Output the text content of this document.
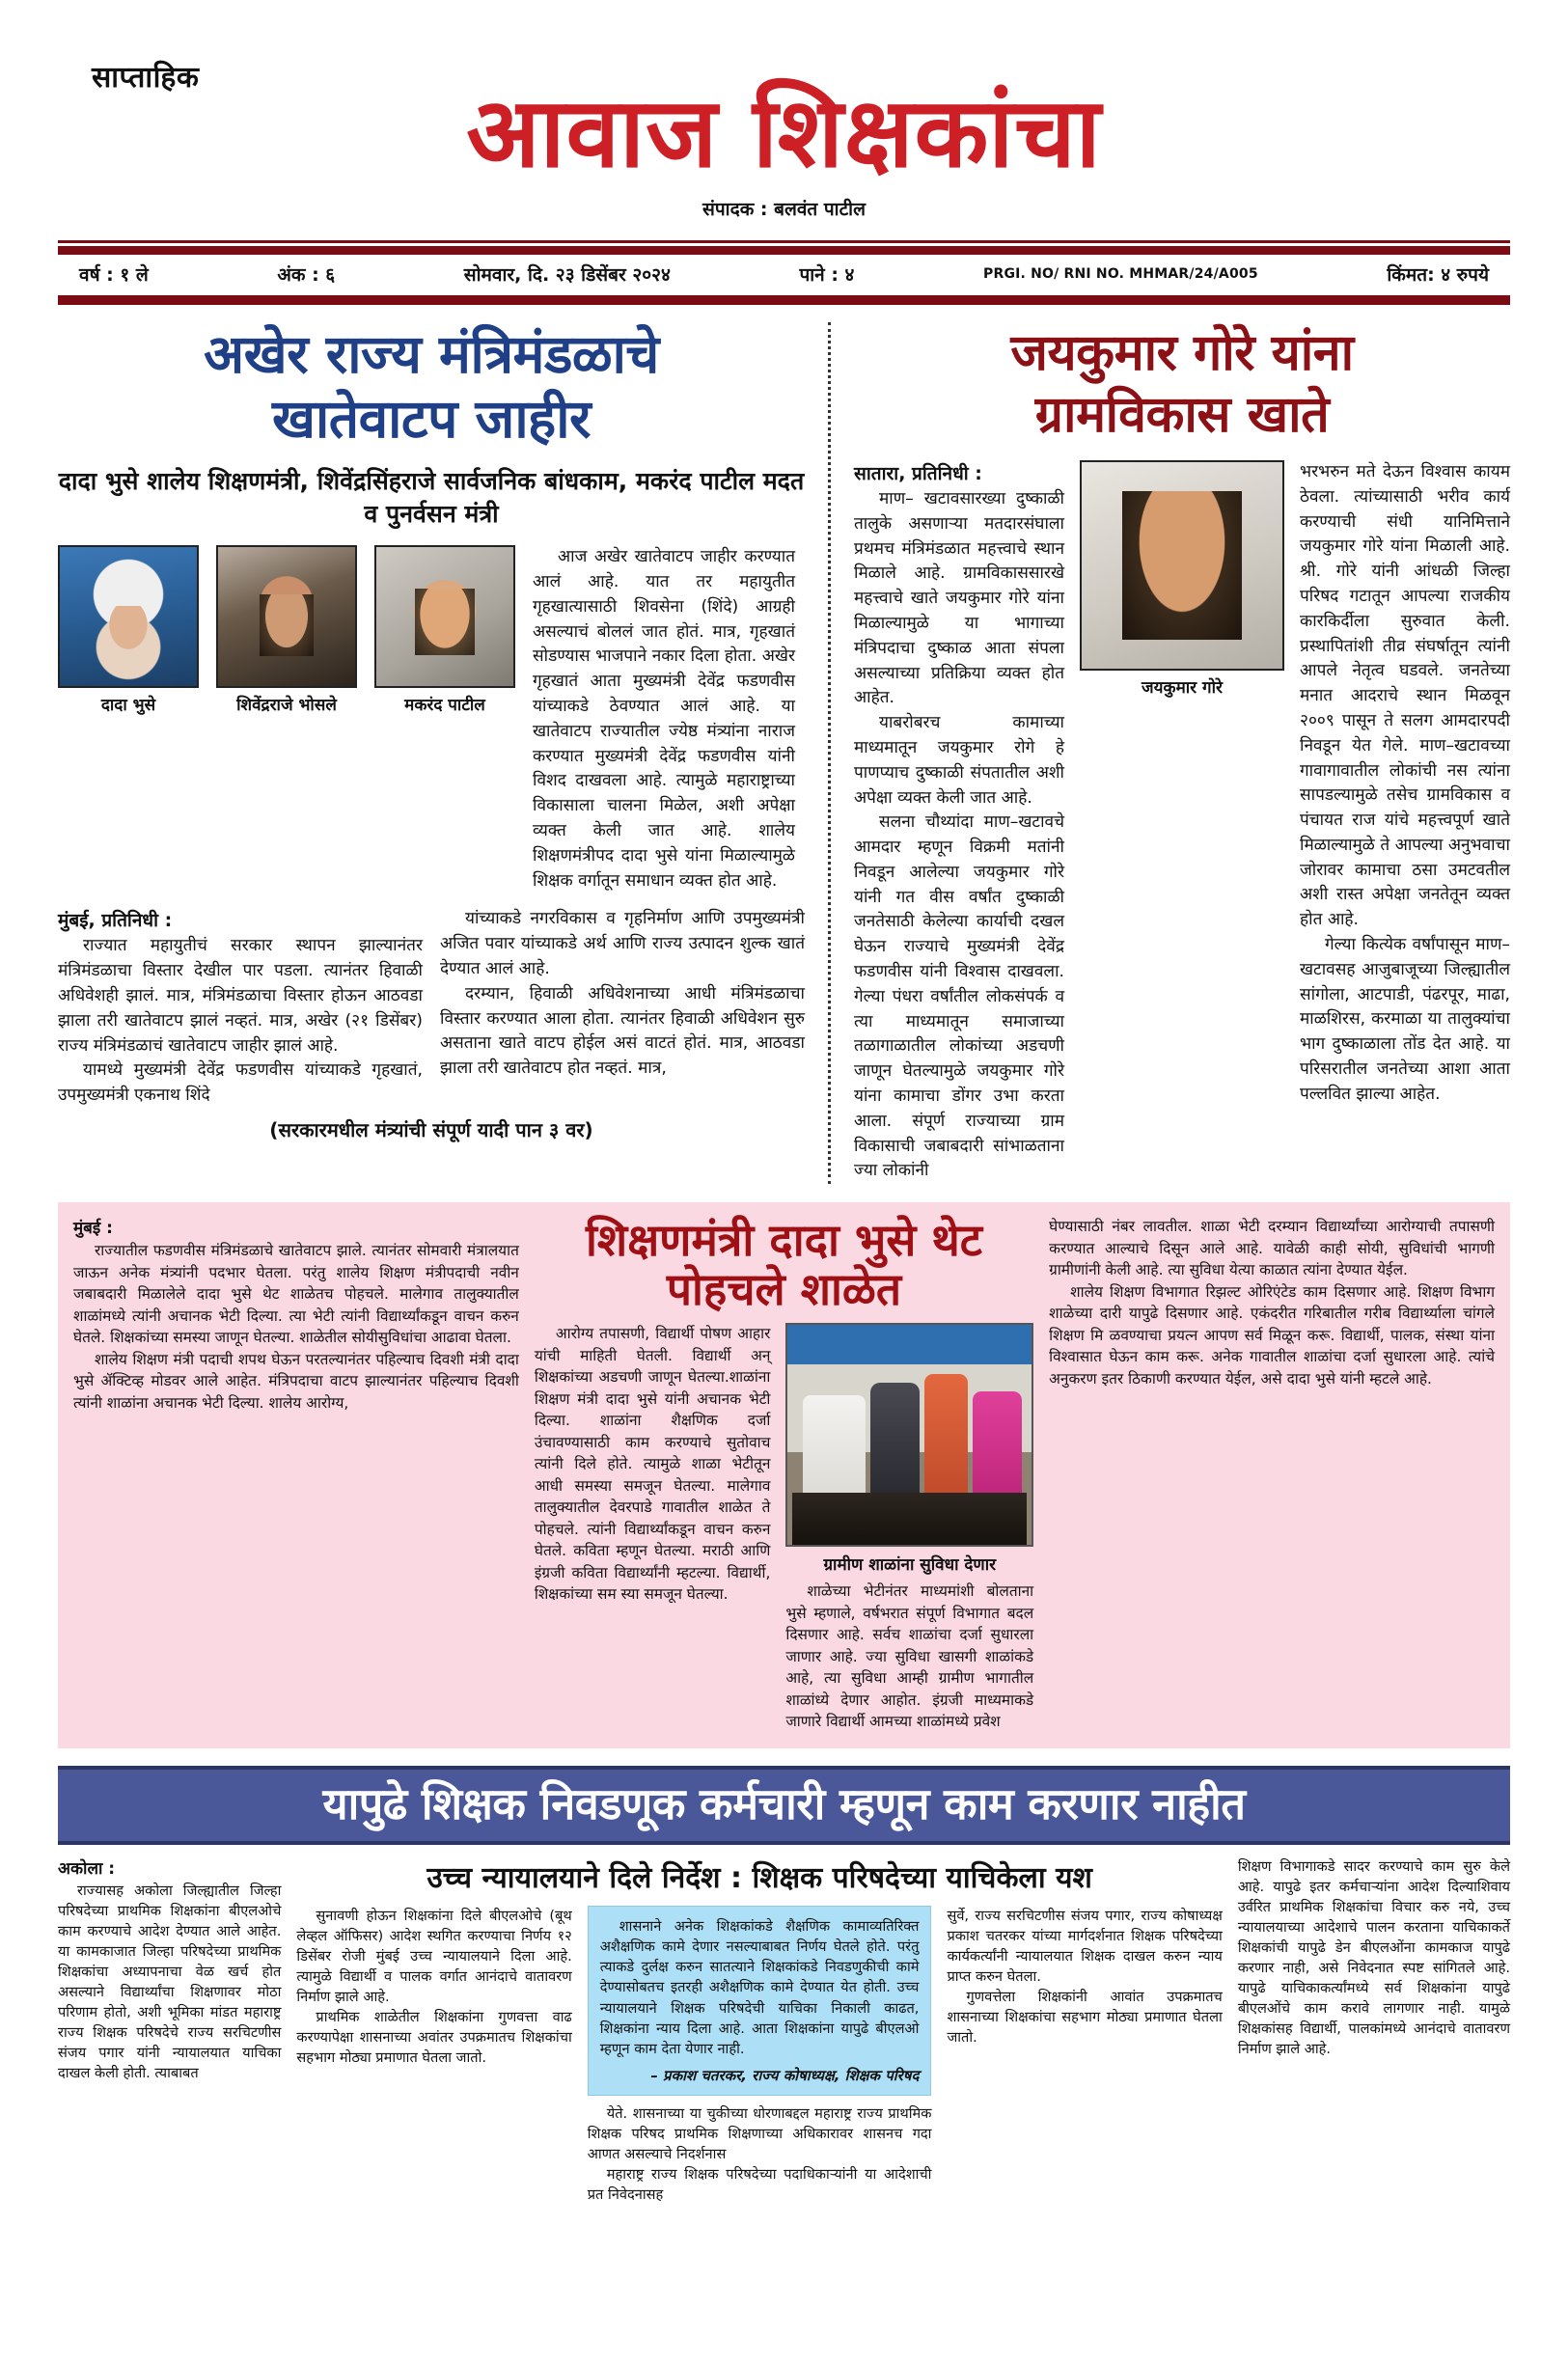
साप्ताहिक	आवाज शिक्षकांचा
संपादक : बलवंत पाटील
वर्ष : १ ले	अंक : ६	सोमवार, दि. २३ डिसेंबर २०२४	पाने : ४	PRGI. NO/ RNI NO. MHMAR/24/A005	किंमत: ४ रुपये
अखेर राज्य मंत्रिमंडळाचे
खातेवाटप जाहीर
दादा भुसे शालेय शिक्षणमंत्री, शिवेंद्रसिंहराजे सार्वजनिक बांधकाम, मकरंद पाटील मदत व पुनर्वसन मंत्री
दादा भुसे	शिवेंद्रराजे भोसले	मकरंद पाटील
आज अखेर खातेवाटप जाहीर करण्यात आलं आहे. यात तर महायुतीत गृहखात्यासाठी शिवसेना (शिंदे) आग्रही असल्याचं बोललं जात होतं. मात्र, गृहखातं सोडण्यास भाजपाने नकार दिला होता. अखेर गृहखातं आता मुख्यमंत्री देवेंद्र फडणवीस यांच्याकडे ठेवण्यात आलं आहे. या खातेवाटप राज्यातील ज्येष्ठ मंत्र्यांना नाराज करण्यात मुख्यमंत्री देवेंद्र फडणवीस यांनी विशद दाखवला आहे. त्यामुळे महाराष्ट्राच्या विकासाला चालना मिळेल, अशी अपेक्षा व्यक्त केली जात आहे. शालेय शिक्षणमंत्रीपद दादा भुसे यांना मिळाल्यामुळे शिक्षक वर्गातून समाधान व्यक्त होत आहे.
मुंबई, प्रतिनिधी :
राज्यात महायुतीचं सरकार स्थापन झाल्यानंतर मंत्रिमंडळाचा विस्तार देखील पार पडला. त्यानंतर हिवाळी अधिवेशही झालं. मात्र, मंत्रिमंडळाचा विस्तार होऊन आठवडा झाला तरी खातेवाटप झालं नव्हतं. मात्र, अखेर (२१ डिसेंबर) राज्य मंत्रिमंडळाचं खातेवाटप जाहीर झालं आहे.
यामध्ये मुख्यमंत्री देवेंद्र फडणवीस यांच्याकडे गृहखातं, उपमुख्यमंत्री एकनाथ शिंदे
यांच्याकडे नगरविकास व गृहनिर्माण आणि उपमुख्यमंत्री अजित पवार यांच्याकडे अर्थ आणि राज्य उत्पादन शुल्क खातं देण्यात आलं आहे.
दरम्यान, हिवाळी अधिवेशनाच्या आधी मंत्रिमंडळाचा विस्तार करण्यात आला होता. त्यानंतर हिवाळी अधिवेशन सुरु असताना खाते वाटप होईल असं वाटतं होतं. मात्र, आठवडा झाला तरी खातेवाटप होत नव्हतं. मात्र,
(सरकारमधील मंत्र्यांची संपूर्ण यादी पान ३ वर)
जयकुमार गोरे यांना
ग्रामविकास खाते
सातारा, प्रतिनिधी :
माण– खटावसारख्या दुष्काळी तालुके असणाऱ्या मतदारसंघाला प्रथमच मंत्रिमंडळात महत्त्वाचे स्थान मिळाले आहे. ग्रामविकाससारखे महत्त्वाचे खाते जयकुमार गोरे यांना मिळाल्यामुळे या भागाच्या मंत्रिपदाचा दुष्काळ आता संपला असल्याच्या प्रतिक्रिया व्यक्त होत आहेत.
याबरोबरच कामाच्या माध्यमातून जयकुमार रोगे हे पाणप्याच दुष्काळी संपतातील अशी अपेक्षा व्यक्त केली जात आहे.
सलना चौथ्यांदा माण–खटावचे आमदार म्हणून विक्रमी मतांनी निवडून आलेल्या जयकुमार गोरे यांनी गत वीस वर्षांत दुष्काळी जनतेसाठी केलेल्या कार्याची दखल घेऊन राज्याचे मुख्यमंत्री देवेंद्र फडणवीस यांनी विश्वास दाखवला. गेल्या पंधरा वर्षांतील लोकसंपर्क व त्या माध्यमातून समाजाच्या तळागाळातील लोकांच्या अडचणी जाणून घेतल्यामुळे जयकुमार गोरे यांना कामाचा डोंगर उभा करता आला. संपूर्ण राज्याच्या ग्राम विकासाची जबाबदारी सांभाळताना ज्या लोकांनी
जयकुमार गोरे
भरभरुन मते देऊन विश्वास कायम ठेवला. त्यांच्यासाठी भरीव कार्य करण्याची संधी यानिमित्ताने जयकुमार गोरे यांना मिळाली आहे. श्री. गोरे यांनी आंधळी जिल्हा परिषद गटातून आपल्या राजकीय कारकिर्दीला सुरुवात केली. प्रस्थापितांशी तीव्र संघर्षातून त्यांनी आपले नेतृत्व घडवले. जनतेच्या मनात आदराचे स्थान मिळवून २००९ पासून ते सलग आमदारपदी निवडून येत गेले. माण–खटावच्या गावागावातील लोकांची नस त्यांना सापडल्यामुळे तसेच ग्रामविकास व पंचायत राज यांचे महत्त्वपूर्ण खाते मिळाल्यामुळे ते आपल्या अनुभवाचा जोरावर कामाचा ठसा उमटवतील अशी रास्त अपेक्षा जनतेतून व्यक्त होत आहे.
गेल्या कित्येक वर्षांपासून माण–खटावसह आजुबाजूच्या जिल्ह्यातील सांगोला, आटपाडी, पंढरपूर, माढा, माळशिरस, करमाळा या तालुक्यांचा भाग दुष्काळाला तोंड देत आहे. या परिसरातील जनतेच्या आशा आता पल्लवित झाल्या आहेत.
मुंबई :
राज्यातील फडणवीस मंत्रिमंडळाचे खातेवाटप झाले. त्यानंतर सोमवारी मंत्रालयात जाऊन अनेक मंत्र्यांनी पदभार घेतला. परंतु शालेय शिक्षण मंत्रीपदाची नवीन जबाबदारी मिळालेले दादा भुसे थेट शाळेतच पोहचले. मालेगाव तालुक्यातील शाळांमध्ये त्यांनी अचानक भेटी दिल्या. त्या भेटी त्यांनी विद्यार्थ्यांकडून वाचन करुन घेतले. शिक्षकांच्या समस्या जाणून घेतल्या. शाळेतील सोयीसुविधांचा आढावा घेतला.
शालेय शिक्षण मंत्री पदाची शपथ घेऊन परतल्यानंतर पहिल्याच दिवशी मंत्री दादा भुसे ॲक्टिव्ह मोडवर आले आहेत. मंत्रिपदाचा वाटप झाल्यानंतर पहिल्याच दिवशी त्यांनी शाळांना अचानक भेटी दिल्या. शालेय आरोग्य,
शिक्षणमंत्री दादा भुसे थेट पोहचले शाळेत
आरोग्य तपासणी, विद्यार्थी पोषण आहार यांची माहिती घेतली. विद्यार्थी अन् शिक्षकांच्या अडचणी जाणून घेतल्या.शाळांना शिक्षण मंत्री दादा भुसे यांनी अचानक भेटी दिल्या. शाळांना शैक्षणिक दर्जा उंचावण्यासाठी काम करण्याचे सुतोवाच त्यांनी दिले होते. त्यामुळे शाळा भेटीतून आधी समस्या समजून घेतल्या. मालेगाव तालुक्यातील देवरपाडे गावातील शाळेत ते पोहचले. त्यांनी विद्यार्थ्यांकडून वाचन करुन घेतले. कविता म्हणून घेतल्या. मराठी आणि इंग्रजी कविता विद्यार्थ्यांनी म्हटल्या. विद्यार्थी, शिक्षकांच्या सम स्या समजून घेतल्या.
ग्रामीण शाळांना सुविधा देणार
शाळेच्या भेटीनंतर माध्यमांशी बोलताना भुसे म्हणाले, वर्षभरात संपूर्ण विभागात बदल दिसणार आहे. सर्वच शाळांचा दर्जा सुधारला जाणार आहे. ज्या सुविधा खासगी शाळांकडे आहे, त्या सुविधा आम्ही ग्रामीण भागातील शाळांध्ये देणार आहोत. इंग्रजी माध्यमाकडे जाणारे विद्यार्थी आमच्या शाळांमध्ये प्रवेश
घेण्यासाठी नंबर लावतील. शाळा भेटी दरम्यान विद्यार्थ्यांच्या आरोग्याची तपासणी करण्यात आल्याचे दिसून आले आहे. यावेळी काही सोयी, सुविधांची भागणी ग्रामीणांनी केली आहे. त्या सुविधा येत्या काळात त्यांना देण्यात येईल.
शालेय शिक्षण विभागात रिझल्ट ओरिएंटेड काम दिसणार आहे. शिक्षण विभाग शाळेच्या दारी यापुढे दिसणार आहे. एकंदरीत गरिबातील गरीब विद्यार्थ्याला चांगले शिक्षण मि ळवण्याचा प्रयत्न आपण सर्व मिळून करू. विद्यार्थी, पालक, संस्था यांना विश्वासात घेऊन काम करू. अनेक गावातील शाळांचा दर्जा सुधारला आहे. त्यांचे अनुकरण इतर ठिकाणी करण्यात येईल, असे दादा भुसे यांनी म्हटले आहे.
यापुढे शिक्षक निवडणूक कर्मचारी म्हणून काम करणार नाहीत
अकोला :
राज्यासह अकोला जिल्ह्यातील जिल्हा परिषदेच्या प्राथमिक शिक्षकांना बीएलओचे काम करण्याचे आदेश देण्यात आले आहेत. या कामकाजात जिल्हा परिषदेच्या प्राथमिक शिक्षकांचा अध्यापनाचा वेळ खर्च होत असल्याने विद्यार्थ्यांचा शिक्षणावर मोठा परिणाम होतो, अशी भूमिका मांडत महाराष्ट्र राज्य शिक्षक परिषदेचे राज्य सरचिटणीस संजय पगार यांनी न्यायालयात याचिका दाखल केली होती. त्याबाबत
उच्च न्यायालयाने दिले निर्देश : शिक्षक परिषदेच्या याचिकेला यश
सुनावणी होऊन शिक्षकांना दिले बीएलओचे (बूथ लेव्हल ऑफिसर) आदेश स्थगित करण्याचा निर्णय १२ डिसेंबर रोजी मुंबई उच्च न्यायालयाने दिला आहे. त्यामुळे विद्यार्थी व पालक वर्गात आनंदाचे वातावरण निर्माण झाले आहे.
प्राथमिक शाळेतील शिक्षकांना गुणवत्ता वाढ करण्यापेक्षा शासनाच्या अवांतर उपक्रमातच शिक्षकांचा सहभाग मोठ्या प्रमाणात घेतला जातो.
शासनाने अनेक शिक्षकांकडे शैक्षणिक कामाव्यतिरिक्त अशैक्षणिक कामे देणार नसल्याबाबत निर्णय घेतले होते. परंतु त्याकडे दुर्लक्ष करुन सातत्याने शिक्षकांकडे निवडणुकीची कामे देण्यासोबतच इतरही अशैक्षणिक कामे देण्यात येत होती. उच्च न्यायालयाने शिक्षक परिषदेची याचिका निकाली काढत, शिक्षकांना न्याय दिला आहे. आता शिक्षकांना यापुढे बीएलओ म्हणून काम देता येणार नाही.
– प्रकाश चतरकर, राज्य कोषाध्यक्ष, शिक्षक परिषद
येते. शासनाच्या या चुकीच्या धोरणाबद्दल महाराष्ट्र राज्य प्राथमिक शिक्षक परिषद प्राथमिक शिक्षणाच्या अधिकारावर शासनच गदा आणत असल्याचे निदर्शनास
महाराष्ट्र राज्य शिक्षक परिषदेच्या पदाधिकाऱ्यांनी या आदेशाची प्रत निवेदनासह
सुर्वे, राज्य सरचिटणीस संजय पगार, राज्य कोषाध्यक्ष प्रकाश चतरकर यांच्या मार्गदर्शनात शिक्षक परिषदेच्या कार्यकर्त्यांनी न्यायालयात शिक्षक दाखल करुन न्याय प्राप्त करुन घेतला.
गुणवत्तेला शिक्षकांनी आवांत उपक्रमातच शासनाच्या शिक्षकांचा सहभाग मोठ्या प्रमाणात घेतला जातो.
शिक्षण विभागाकडे सादर करण्याचे काम सुरु केले आहे. यापुढे इतर कर्मचाऱ्यांना आदेश दिल्याशिवाय उर्वरित प्राथमिक शिक्षकांचा विचार करु नये, उच्च न्यायालयाच्या आदेशाचे पालन करताना याचिकाकर्ते शिक्षकांची यापुढे डेन बीएलओंना कामकाज यापुढे करणार नाही, असे निवेदनात स्पष्ट सांगितले आहे. यापुढे याचिकाकर्त्यांमध्ये सर्व शिक्षकांना यापुढे बीएलओंचे काम करावे लागणार नाही. यामुळे शिक्षकांसह विद्यार्थी, पालकांमध्ये आनंदाचे वातावरण निर्माण झाले आहे.
